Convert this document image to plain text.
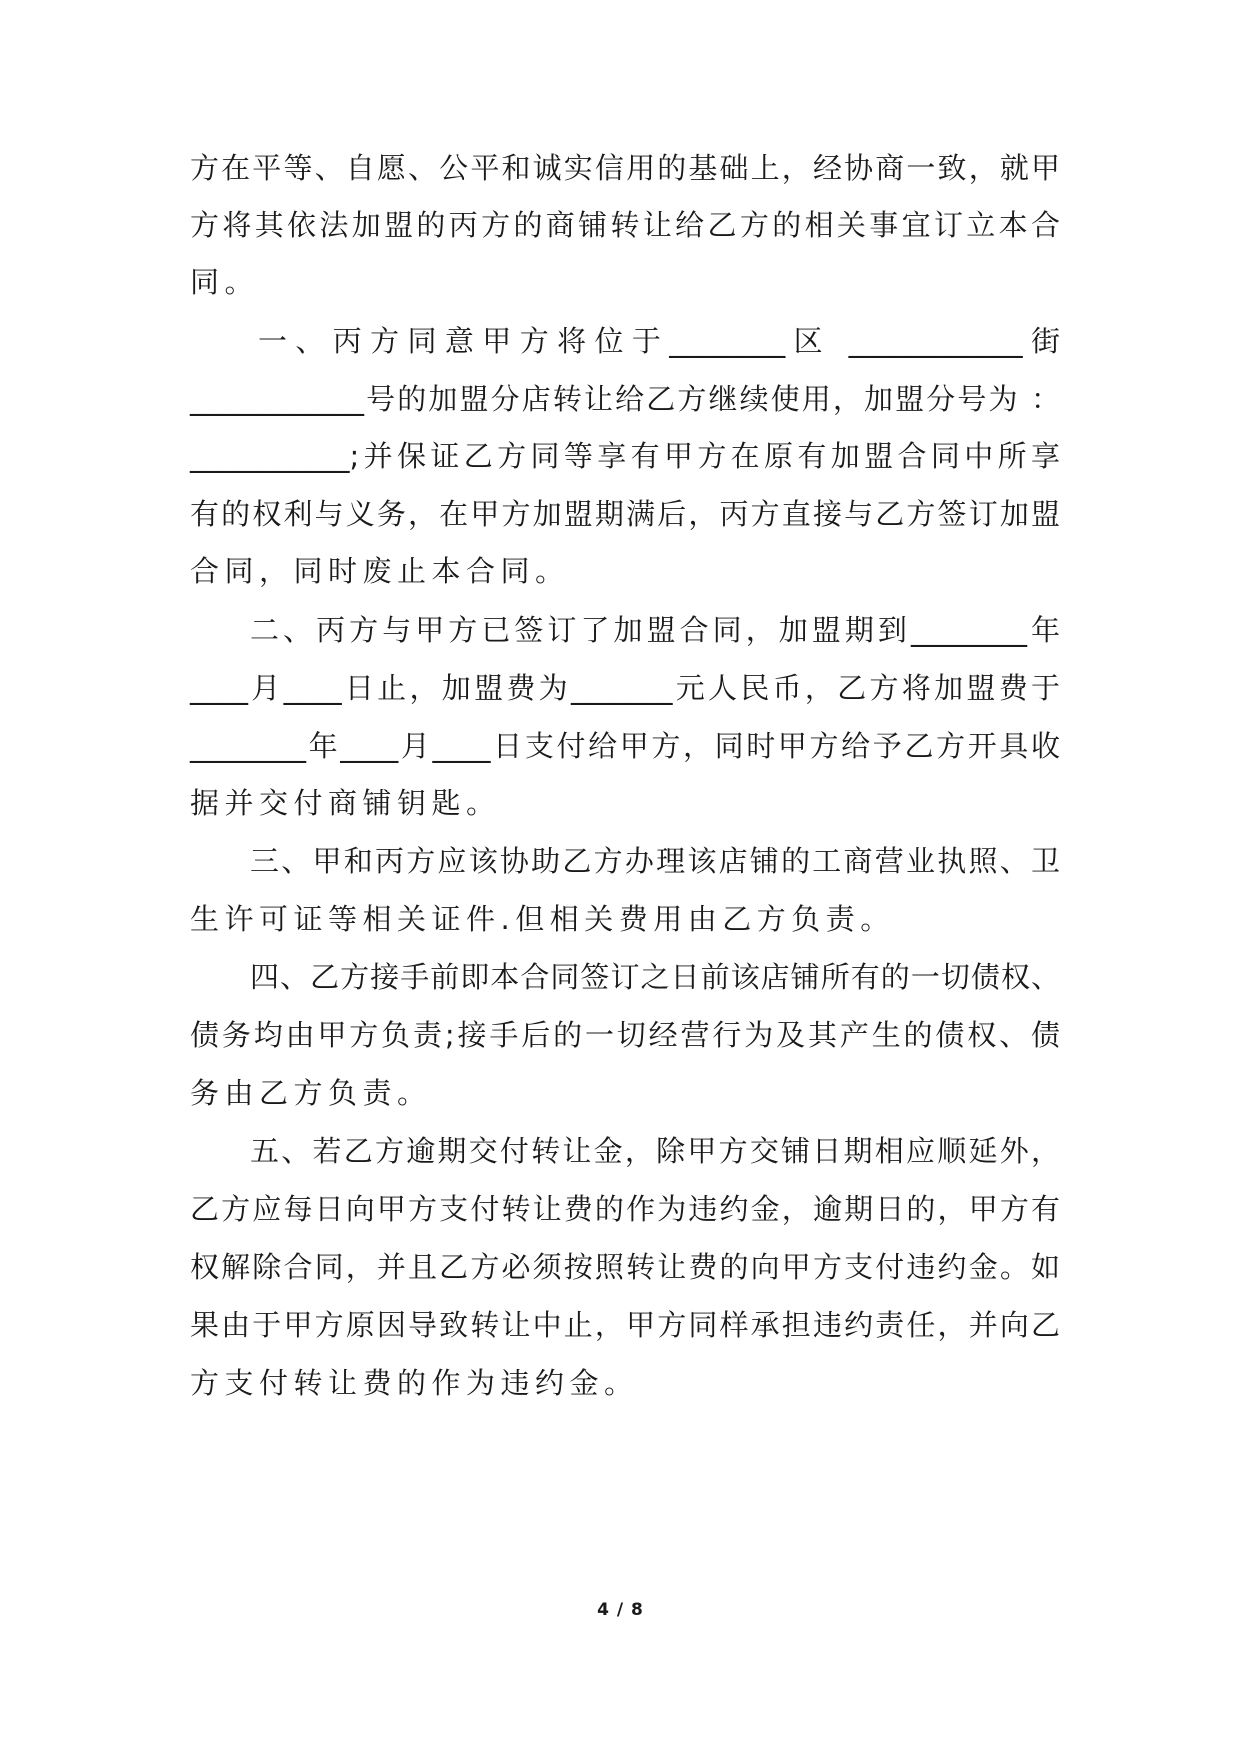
方在平等、自愿、公平和诚实信用的基础上，经协商一致，就甲
方将其依法加盟的丙方的商铺转让给乙方的相关事宜订立本合
同。
一、丙方同意甲方将位于________区 ____________街
____________号的加盟分店转让给乙方继续使用，加盟分号为 ：
___________;并保证乙方同等享有甲方在原有加盟合同中所享
有的权利与义务，在甲方加盟期满后，丙方直接与乙方签订加盟
合同，同时废止本合同。
二、丙方与甲方已签订了加盟合同，加盟期到________年
____月____日止，加盟费为_______元人民币，乙方将加盟费于
________年____月____日支付给甲方，同时甲方给予乙方开具收
据并交付商铺钥匙。
三、甲和丙方应该协助乙方办理该店铺的工商营业执照、卫
生许可证等相关证件.但相关费用由乙方负责。
四、乙方接手前即本合同签订之日前该店铺所有的一切债权、
债务均由甲方负责;接手后的一切经营行为及其产生的债权、债
务由乙方负责。
五、若乙方逾期交付转让金，除甲方交铺日期相应顺延外，
乙方应每日向甲方支付转让费的作为违约金，逾期日的，甲方有
权解除合同，并且乙方必须按照转让费的向甲方支付违约金。如
果由于甲方原因导致转让中止，甲方同样承担违约责任，并向乙
方支付转让费的作为违约金。
4 / 8
